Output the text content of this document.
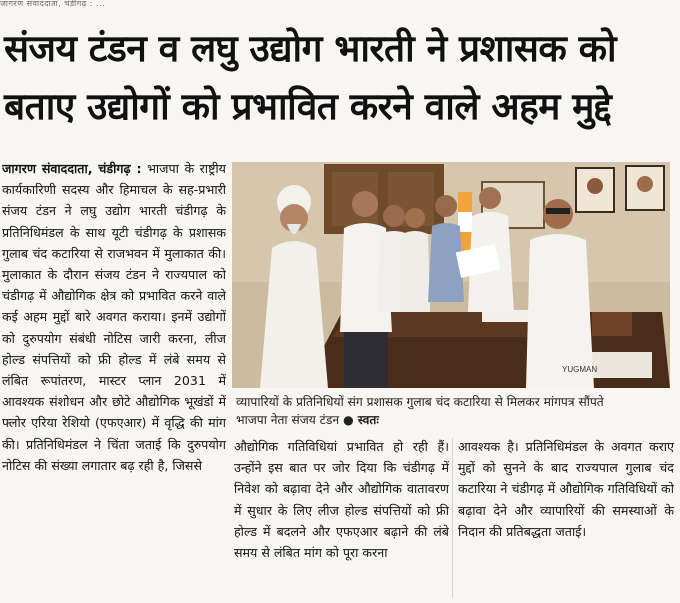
जागरण संवाददाता, चंडीगढ़ : ...
संजय टंडन व लघु उद्योग भारती ने प्रशासक को
बताए उद्योगों को प्रभावित करने वाले अहम मुद्दे
जागरण संवाददाता, चंडीगढ़ : भाजपा के राष्ट्रीय कार्यकारिणी सदस्य और हिमाचल के सह-प्रभारी संजय टंडन ने लघु उद्योग भारती चंडीगढ़ के प्रतिनिधिमंडल के साथ यूटी चंडीगढ़ के प्रशासक गुलाब चंद कटारिया से राजभवन में मुलाकात की। मुलाकात के दौरान संजय टंडन ने राज्यपाल को चंडीगढ़ में औद्योगिक क्षेत्र को प्रभावित करने वाले कई अहम मुद्दों बारे अवगत कराया। इनमें उद्योगों को दुरुपयोग संबंधी नोटिस जारी करना, लीज होल्ड संपत्तियों को फ्री होल्ड में लंबे समय से लंबित रूपांतरण, मास्टर प्लान 2031 में आवश्यक संशोधन और छोटे औद्योगिक भूखंडों में फ्लोर एरिया रेशियो (एफएआर) में वृद्धि की मांग की। प्रतिनिधिमंडल ने चिंता जताई कि दुरुपयोग नोटिस की संख्या लगातार बढ़ रही है, जिससे
YUGMAN
व्यापारियों के प्रतिनिधियों संग प्रशासक गुलाब चंद कटारिया से मिलकर मांगपत्र सौंपते
भाजपा नेता संजय टंडन ● स्वतः
औद्योगिक गतिविधियां प्रभावित हो रही हैं। उन्होंने इस बात पर जोर दिया कि चंडीगढ़ में निवेश को बढ़ावा देने और औद्योगिक वातावरण में सुधार के लिए लीज होल्ड संपत्तियों को फ्री होल्ड में बदलने और एफएआर बढ़ाने की लंबे समय से लंबित मांग को पूरा करना
आवश्यक है। प्रतिनिधिमंडल के अवगत कराए मुद्दों को सुनने के बाद राज्यपाल गुलाब चंद कटारिया ने चंडीगढ़ में औद्योगिक गतिविधियों को बढ़ावा देने और व्यापारियों की समस्याओं के निदान की प्रतिबद्धता जताई।
